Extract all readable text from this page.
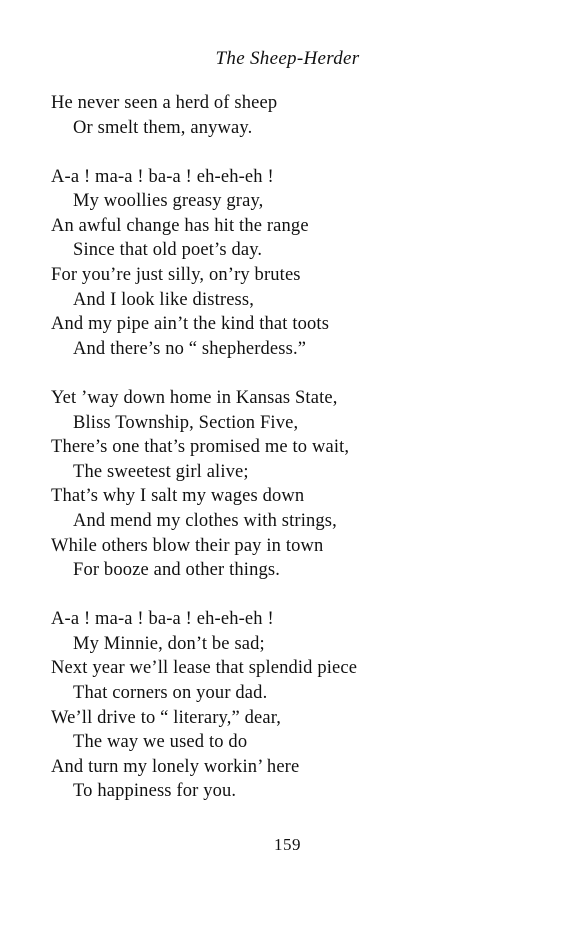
The Sheep-Herder
He never seen a herd of sheep
Or smelt them, anyway.
A-a ! ma-a ! ba-a ! eh-eh-eh !
My woollies greasy gray,
An awful change has hit the range
Since that old poet’s day.
For you’re just silly, on’ry brutes
And I look like distress,
And my pipe ain’t the kind that toots
And there’s no “ shepherdess.”
Yet ’way down home in Kansas State,
Bliss Township, Section Five,
There’s one that’s promised me to wait,
The sweetest girl alive;
That’s why I salt my wages down
And mend my clothes with strings,
While others blow their pay in town
For booze and other things.
A-a ! ma-a ! ba-a ! eh-eh-eh !
My Minnie, don’t be sad;
Next year we’ll lease that splendid piece
That corners on your dad.
We’ll drive to “ literary,” dear,
The way we used to do
And turn my lonely workin’ here
To happiness for you.
159
